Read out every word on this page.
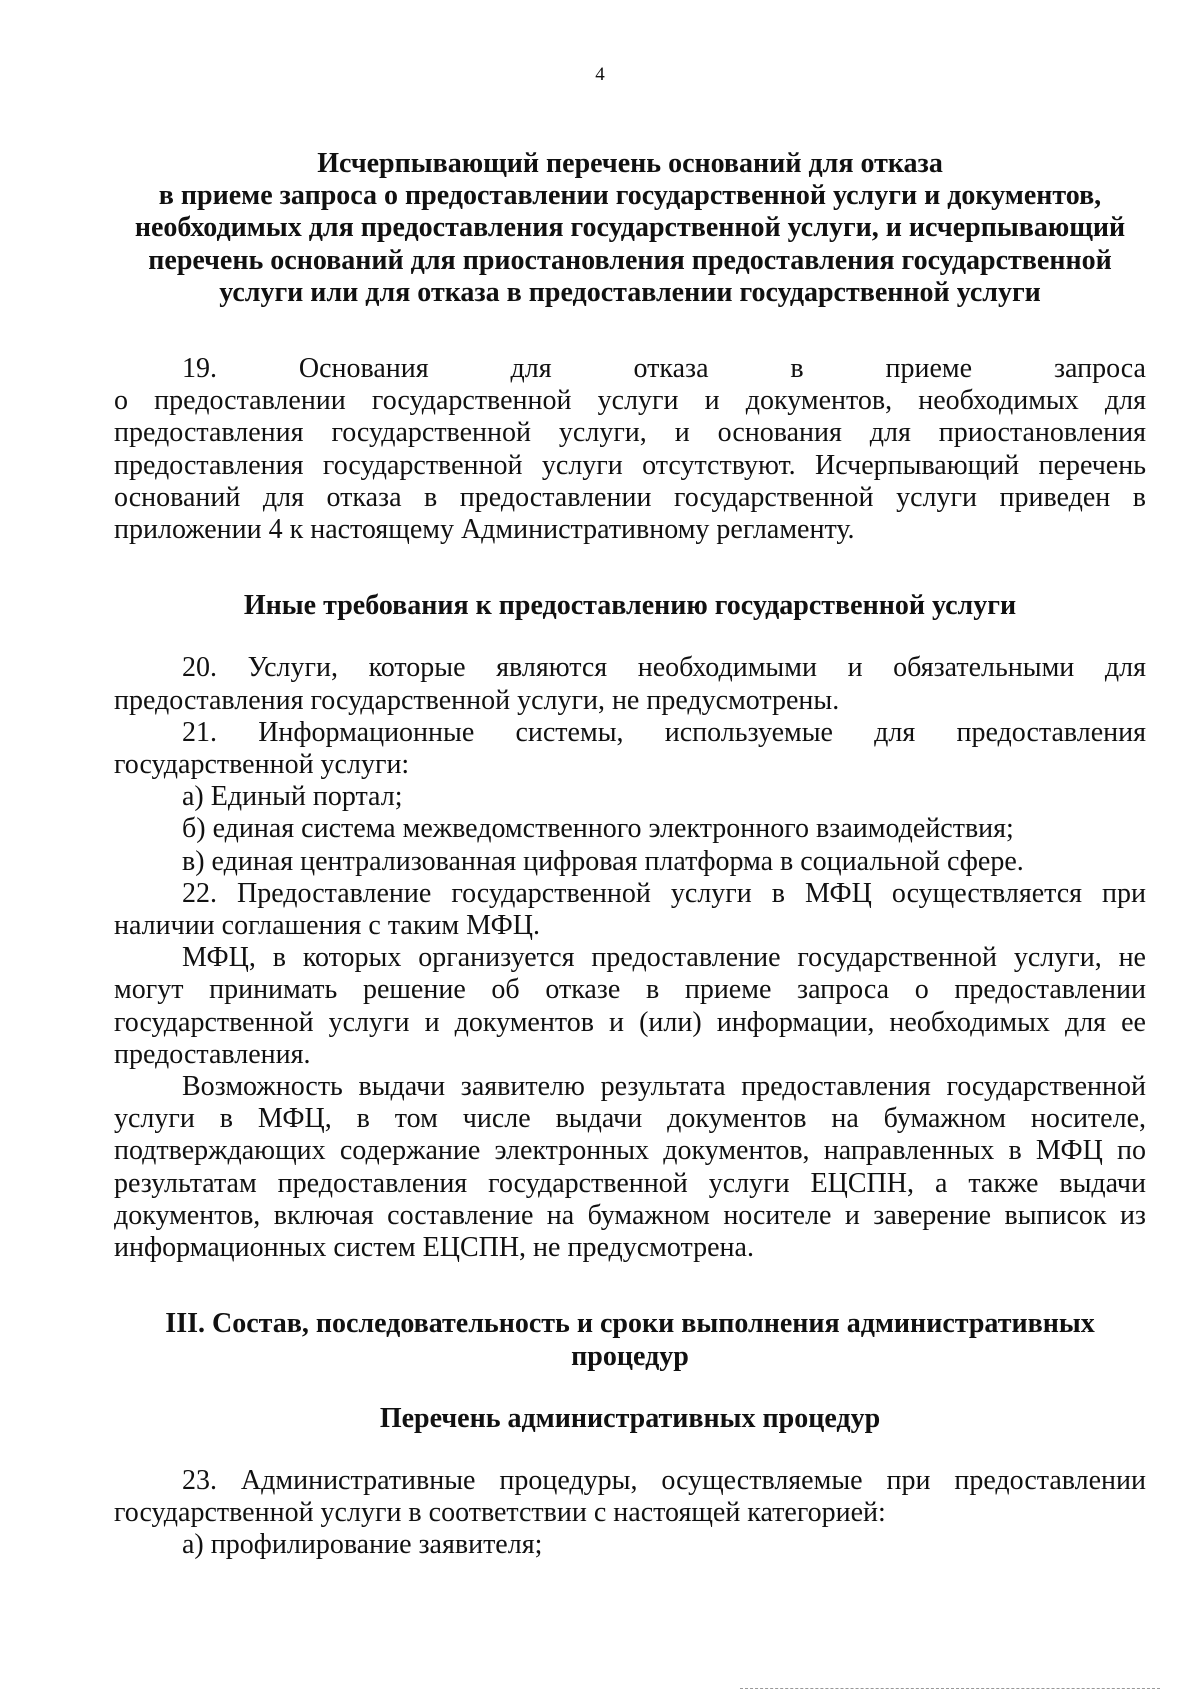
4
Исчерпывающий перечень оснований для отказа
в приеме запроса о предоставлении государственной услуги и документов,
необходимых для предоставления государственной услуги, и исчерпывающий
перечень оснований для приостановления предоставления государственной
услуги или для отказа в предоставлении государственной услуги
19.	Основания	для	отказа	в	приеме	запроса

о предоставлении государственной услуги и документов, необходимых для предоставления государственной услуги, и основания для приостановления предоставления государственной услуги отсутствуют. Исчерпывающий перечень оснований для отказа в предоставлении государственной услуги приведен в приложении 4 к настоящему Административному регламенту.

Иные требования к предоставлению государственной услуги

20. Услуги, которые являются необходимыми и обязательными для предоставления государственной услуги, не предусмотрены.

21. Информационные системы, используемые для предоставления государственной услуги:

а) Единый портал;

б) единая система межведомственного электронного взаимодействия;

в) единая централизованная цифровая платформа в социальной сфере.

22. Предоставление государственной услуги в МФЦ осуществляется при наличии соглашения с таким МФЦ.

МФЦ, в которых организуется предоставление государственной услуги, не могут принимать решение об отказе в приеме запроса о предоставлении государственной услуги и документов и (или) информации, необходимых для ее предоставления.

Возможность выдачи заявителю результата предоставления государственной услуги в МФЦ, в том числе выдачи документов на бумажном носителе, подтверждающих содержание электронных документов, направленных в МФЦ по результатам предоставления государственной услуги ЕЦСПН, а также выдачи документов, включая составление на бумажном носителе и заверение выписок из информационных систем ЕЦСПН, не предусмотрена.

III. Состав, последовательность и сроки выполнения административных
процедур
Перечень административных процедур

23. Административные процедуры, осуществляемые при предоставлении государственной услуги в соответствии с настоящей категорией:

а) профилирование заявителя;
